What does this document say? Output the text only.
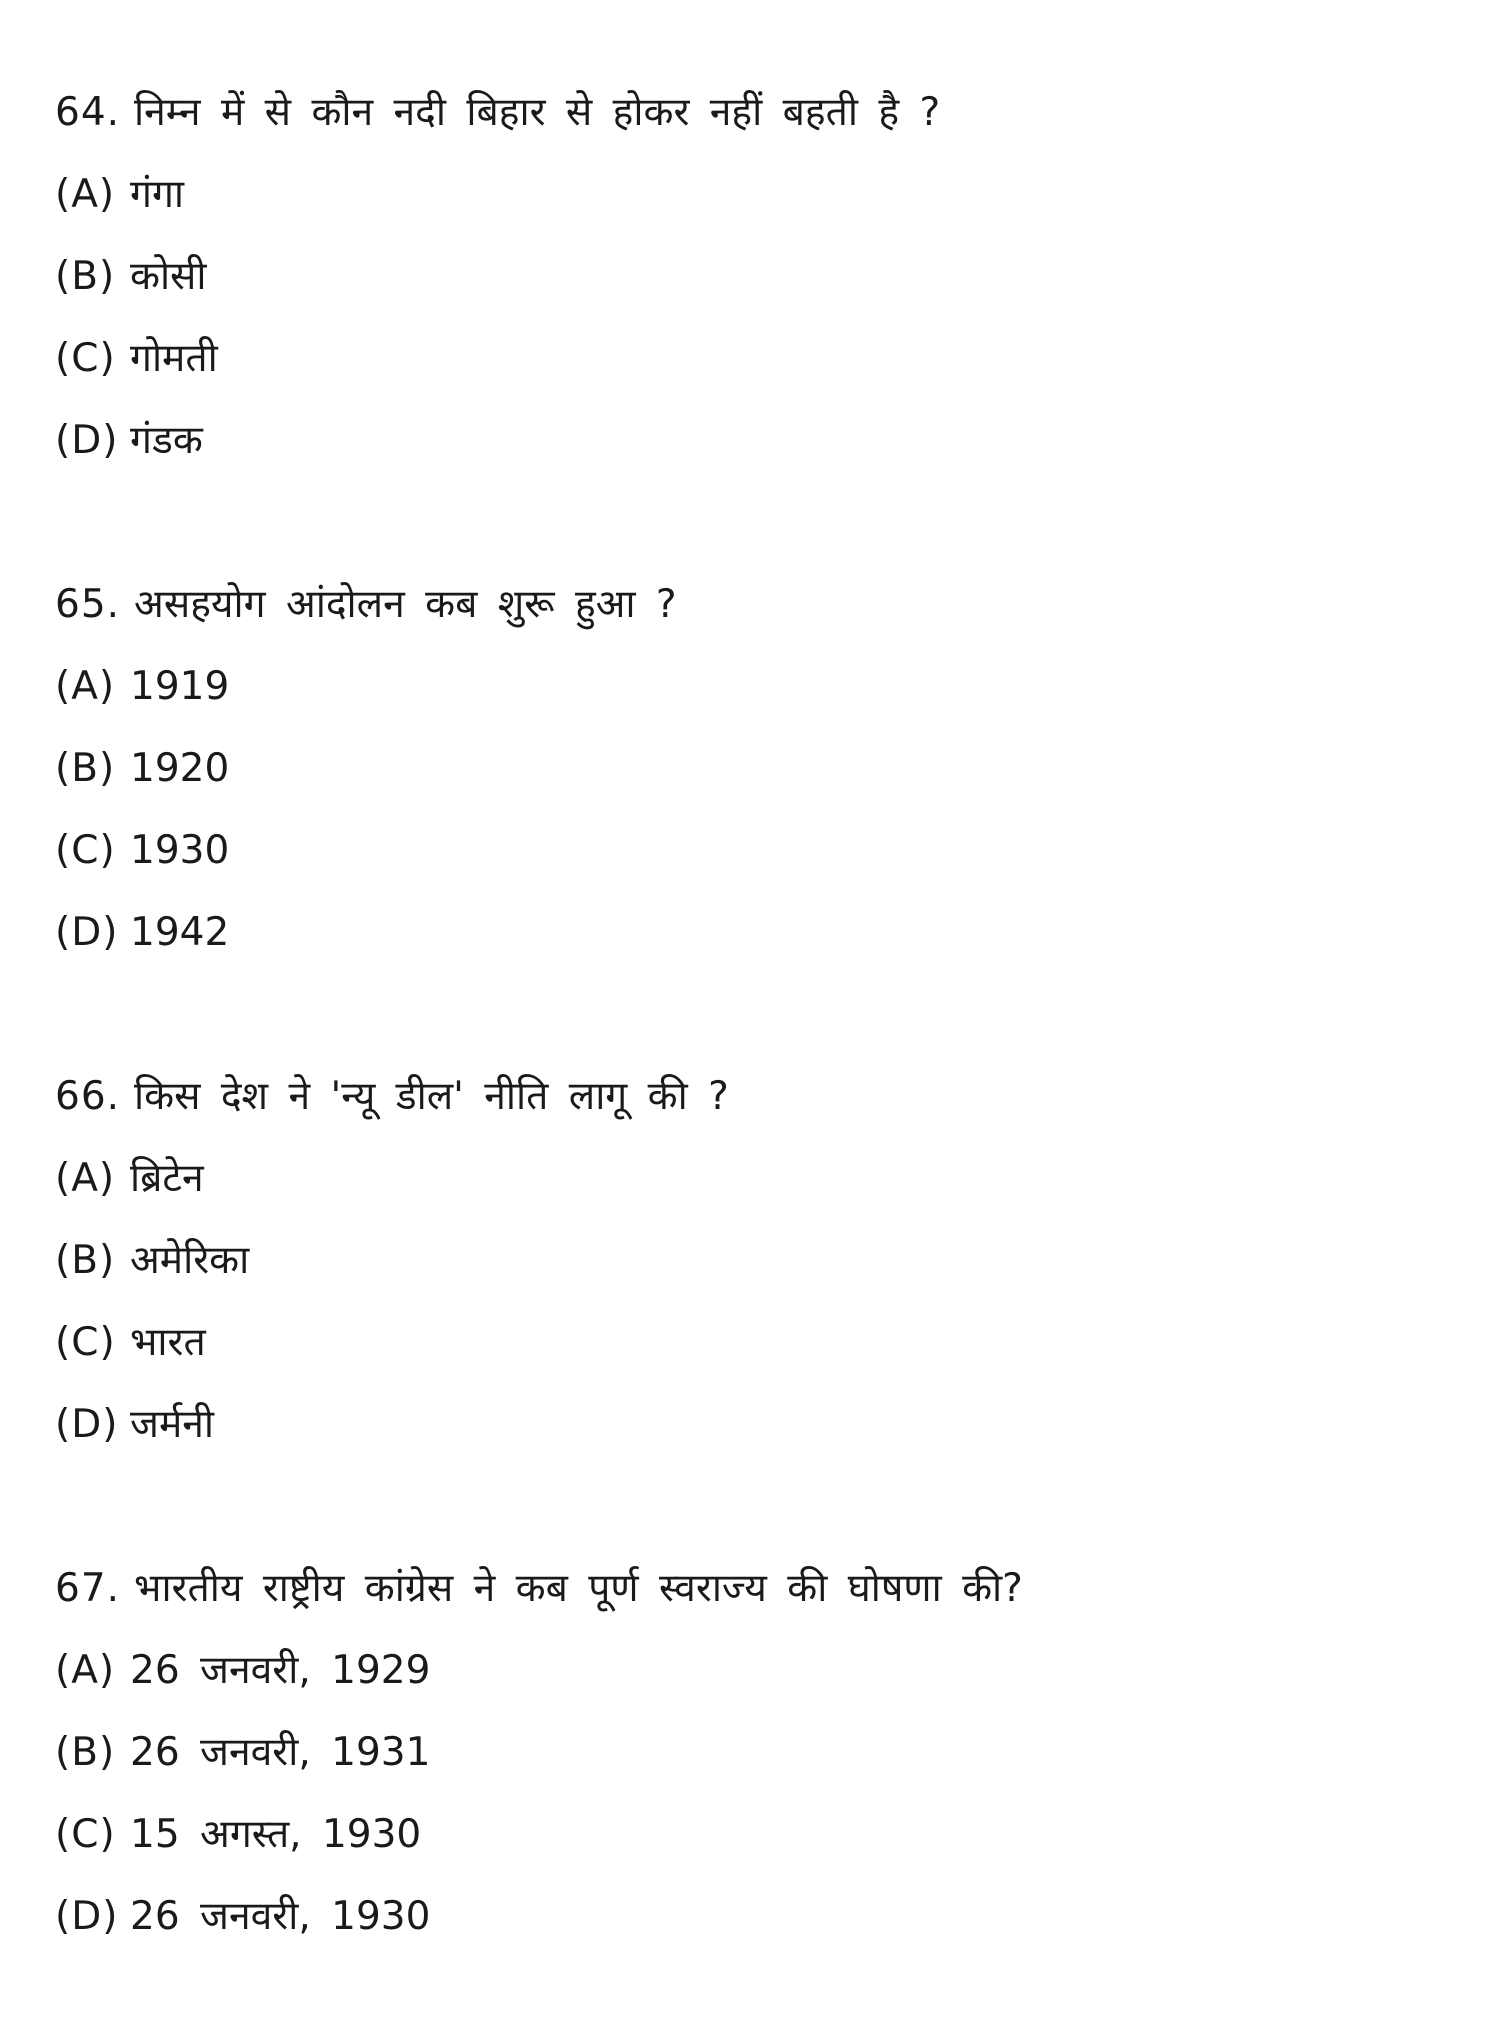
64. निम्न में से कौन नदी बिहार से होकर नहीं बहती है ?
(A) गंगा
(B) कोसी
(C) गोमती
(D) गंडक
65. असहयोग आंदोलन कब शुरू हुआ ?
(A) 1919
(B) 1920
(C) 1930
(D) 1942
66. किस देश ने 'न्यू डील' नीति लागू की ?
(A) ब्रिटेन
(B) अमेरिका
(C) भारत
(D) जर्मनी
67. भारतीय राष्ट्रीय कांग्रेस ने कब पूर्ण स्वराज्य की घोषणा की?
(A) 26 जनवरी, 1929
(B) 26 जनवरी, 1931
(C) 15 अगस्त, 1930
(D) 26 जनवरी, 1930
